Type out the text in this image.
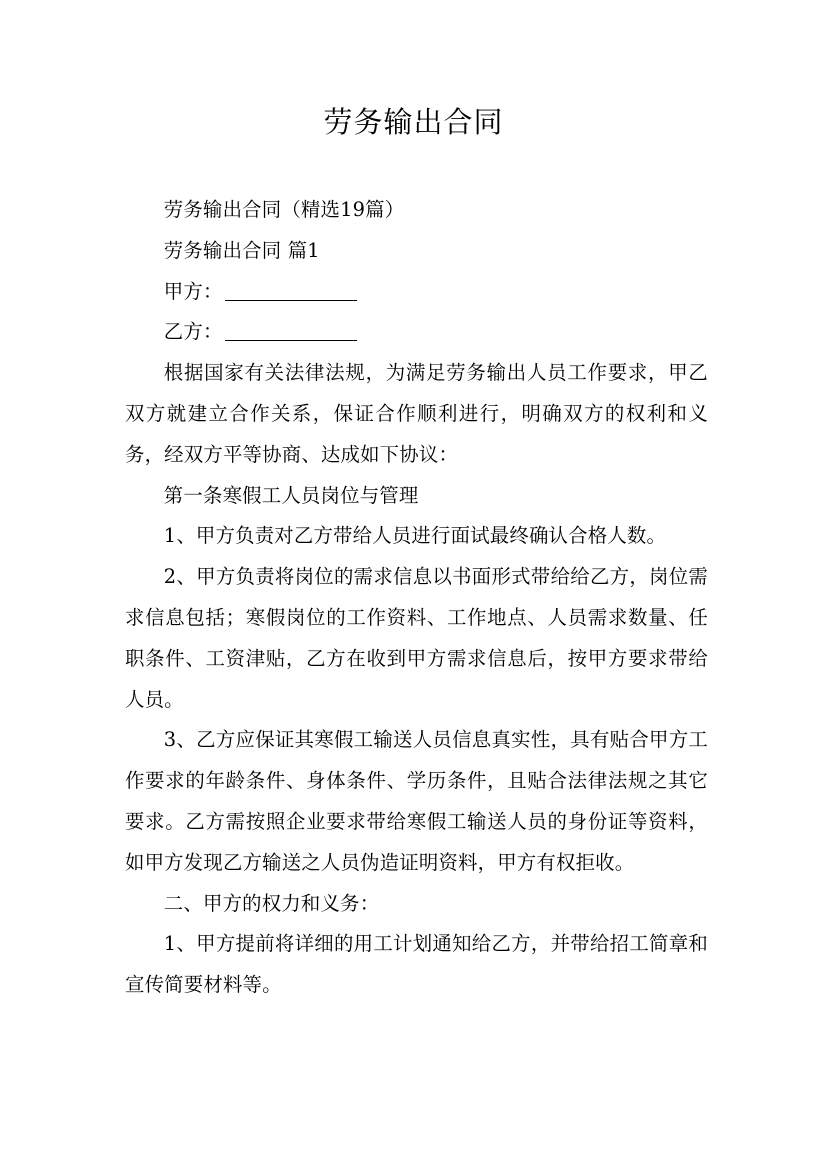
劳务输出合同

劳务输出合同（精选19篇）

劳务输出合同 篇1

甲方：

乙方：

根据国家有关法律法规，为满足劳务输出人员工作要求，甲乙双方就建立合作关系，保证合作顺利进行，明确双方的权利和义务，经双方平等协商、达成如下协议：

第一条寒假工人员岗位与管理

1、甲方负责对乙方带给人员进行面试最终确认合格人数。

2、甲方负责将岗位的需求信息以书面形式带给给乙方，岗位需求信息包括；寒假岗位的工作资料、工作地点、人员需求数量、任职条件、工资津贴，乙方在收到甲方需求信息后，按甲方要求带给人员。

3、乙方应保证其寒假工输送人员信息真实性，具有贴合甲方工作要求的年龄条件、身体条件、学历条件，且贴合法律法规之其它要求。乙方需按照企业要求带给寒假工输送人员的身份证等资料，如甲方发现乙方输送之人员伪造证明资料，甲方有权拒收。

二、甲方的权力和义务：

1、甲方提前将详细的用工计划通知给乙方，并带给招工简章和宣传简要材料等。
